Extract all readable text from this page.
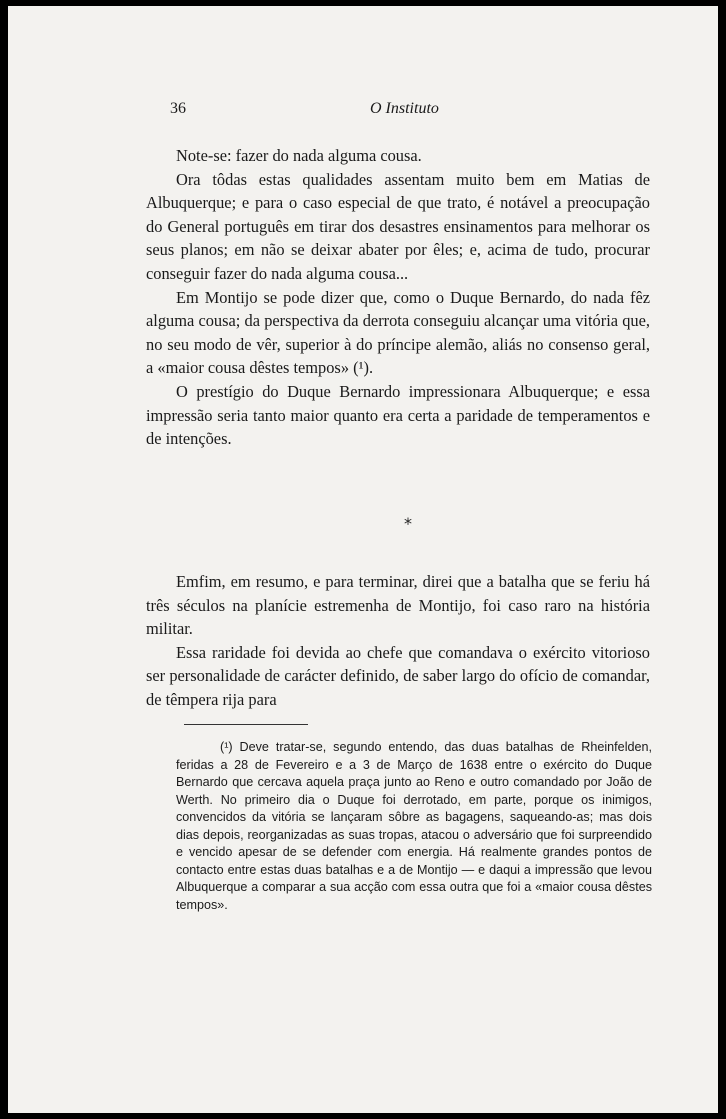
36	O Instituto

Note-se: fazer do nada alguma cousa.

Ora tôdas estas qualidades assentam muito bem em Matias de Albuquerque; e para o caso especial de que trato, é notável a preocupação do General português em tirar dos desastres ensinamentos para melhorar os seus planos; em não se deixar abater por êles; e, acima de tudo, procurar conseguir fazer do nada alguma cousa...

Em Montijo se pode dizer que, como o Duque Bernardo, do nada fêz alguma cousa; da perspectiva da derrota conseguiu alcançar uma vitória que, no seu modo de vêr, superior à do príncipe alemão, aliás no consenso geral, a «maior cousa dêstes tempos» (¹).

O prestígio do Duque Bernardo impressionara Albuquerque; e essa impressão seria tanto maior quanto era certa a paridade de temperamentos e de intenções.

*

Emfim, em resumo, e para terminar, direi que a batalha que se feriu há três séculos na planície estremenha de Montijo, foi caso raro na história militar.

Essa raridade foi devida ao chefe que comandava o exército vitorioso ser personalidade de carácter definido, de saber largo do ofício de comandar, de têmpera rija para

(¹) Deve tratar-se, segundo entendo, das duas batalhas de Rheinfelden, feridas a 28 de Fevereiro e a 3 de Março de 1638 entre o exército do Duque Bernardo que cercava aquela praça junto ao Reno e outro comandado por João de Werth. No primeiro dia o Duque foi derrotado, em parte, porque os inimigos, convencidos da vitória se lançaram sôbre as bagagens, saqueando-as; mas dois dias depois, reorganizadas as suas tropas, atacou o adversário que foi surpreendido e vencido apesar de se defender com energia. Há realmente grandes pontos de contacto entre estas duas batalhas e a de Montijo — e daqui a impressão que levou Albuquerque a comparar a sua acção com essa outra que foi a «maior cousa dêstes tempos».
